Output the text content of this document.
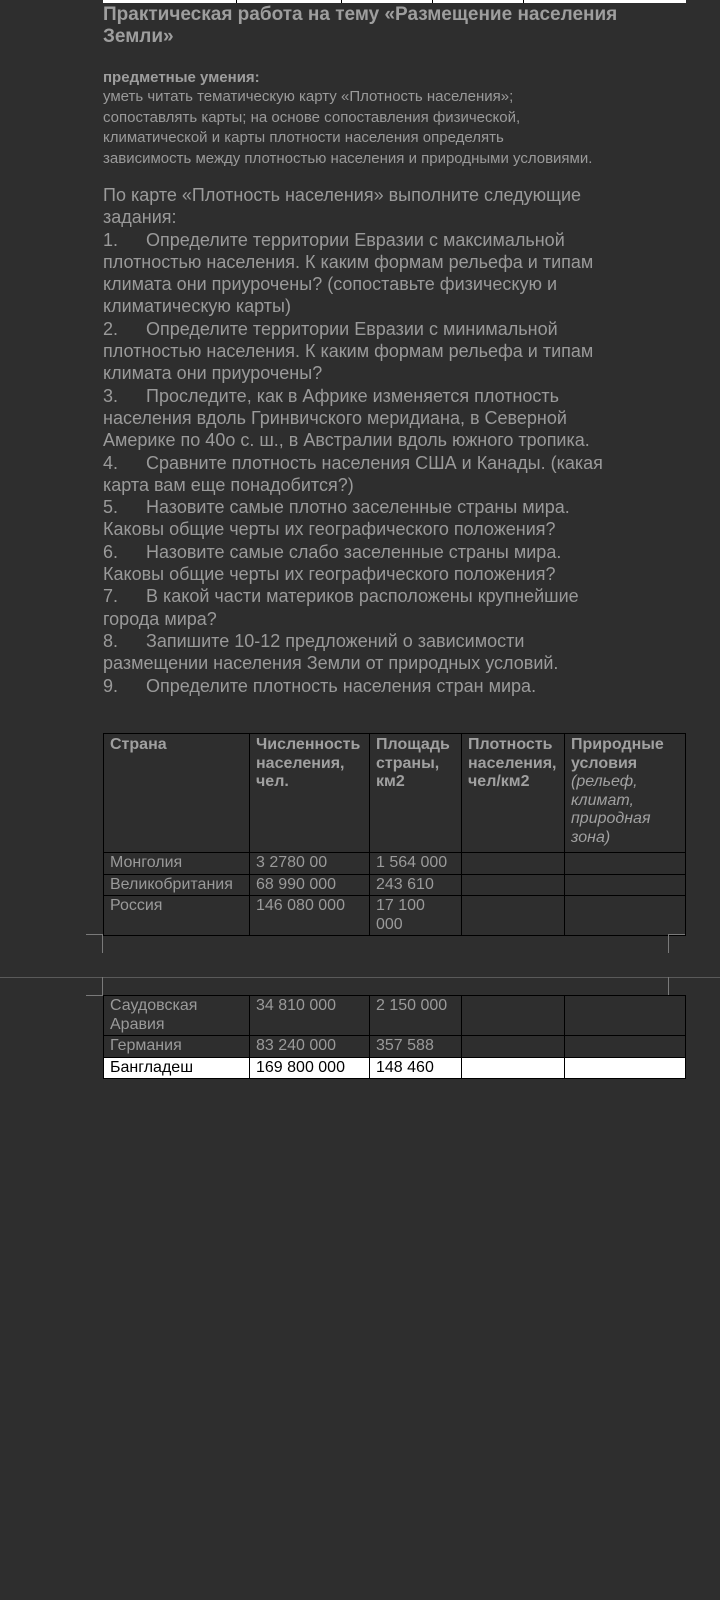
Практическая работа на тему «Размещение населения Земли»
предметные умения:
уметь читать тематическую карту «Плотность населения»;
сопоставлять карты; на основе сопоставления физической,
климатической и карты плотности населения определять
зависимость между плотностью населения и природными условиями.
По карте «Плотность населения» выполните следующие
задания:
1. Определите территории Евразии с максимальной
плотностью населения. К каким формам рельефа и типам
климата они приурочены? (сопоставьте физическую и
климатическую карты)
2. Определите территории Евразии с минимальной
плотностью населения. К каким формам рельефа и типам
климата они приурочены?
3. Проследите, как в Африке изменяется плотность
населения вдоль Гринвичского меридиана, в Северной
Америке по 40о с. ш., в Австралии вдоль южного тропика.
4. Сравните плотность населения США и Канады. (какая
карта вам еще понадобится?)
5. Назовите самые плотно заселенные страны мира.
Каковы общие черты их географического положения?
6. Назовите самые слабо заселенные страны мира.
Каковы общие черты их географического положения?
7. В какой части материков расположены крупнейшие
города мира?
8. Запишите 10-12 предложений о зависимости
размещении населения Земли от природных условий.
9. Определите плотность населения стран мира.
Страна	Численность населения, чел.	Площадь страны, км2	Плотность населения, чел/км2	Природные условия
(рельеф, климат, природная зона)

Монголия	3 2780 00	1 564 000		
Великобритания	68 990 000	243 610		
Россия	146 080 000	17 100 000		
Саудовская Аравия	34 810 000	2 150 000		
Германия	83 240 000	357 588		
Бангладеш	169 800 000	148 460		
